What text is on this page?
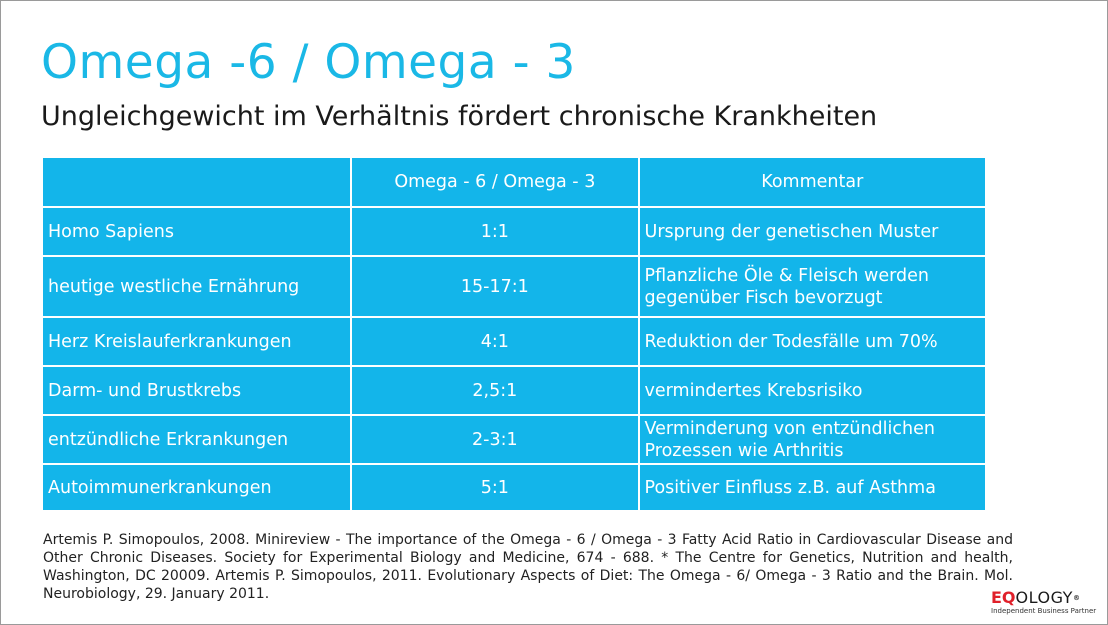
Omega -6 / Omega - 3
Ungleichgewicht im Verhältnis fördert chronische Krankheiten
	Omega - 6 / Omega - 3	Kommentar
Homo Sapiens	1:1	Ursprung der genetischen Muster
heutige westliche Ernährung	15-17:1	Pflanzliche Öle & Fleisch werden gegenüber Fisch bevorzugt
Herz Kreislauferkrankungen	4:1	Reduktion der Todesfälle um 70%
Darm- und Brustkrebs	2,5:1	vermindertes Krebsrisiko
entzündliche Erkrankungen	2-3:1	Verminderung von entzündlichen Prozessen wie Arthritis
Autoimmunerkrankungen	5:1	Positiver Einfluss z.B. auf Asthma
Artemis P. Simopoulos, 2008. Minireview - The importance of the Omega - 6 / Omega - 3 Fatty Acid Ratio in Cardiovascular Disease and Other Chronic Diseases. Society for Experimental Biology and Medicine, 674 - 688. * The Centre for Genetics, Nutrition and health, Washington, DC 20009. Artemis P. Simopoulos, 2011. Evolutionary Aspects of Diet: The Omega - 6/ Omega - 3 Ratio and the Brain. Mol. Neurobiology, 29. January 2011.	EQOLOGY®
Independent Business Partner
